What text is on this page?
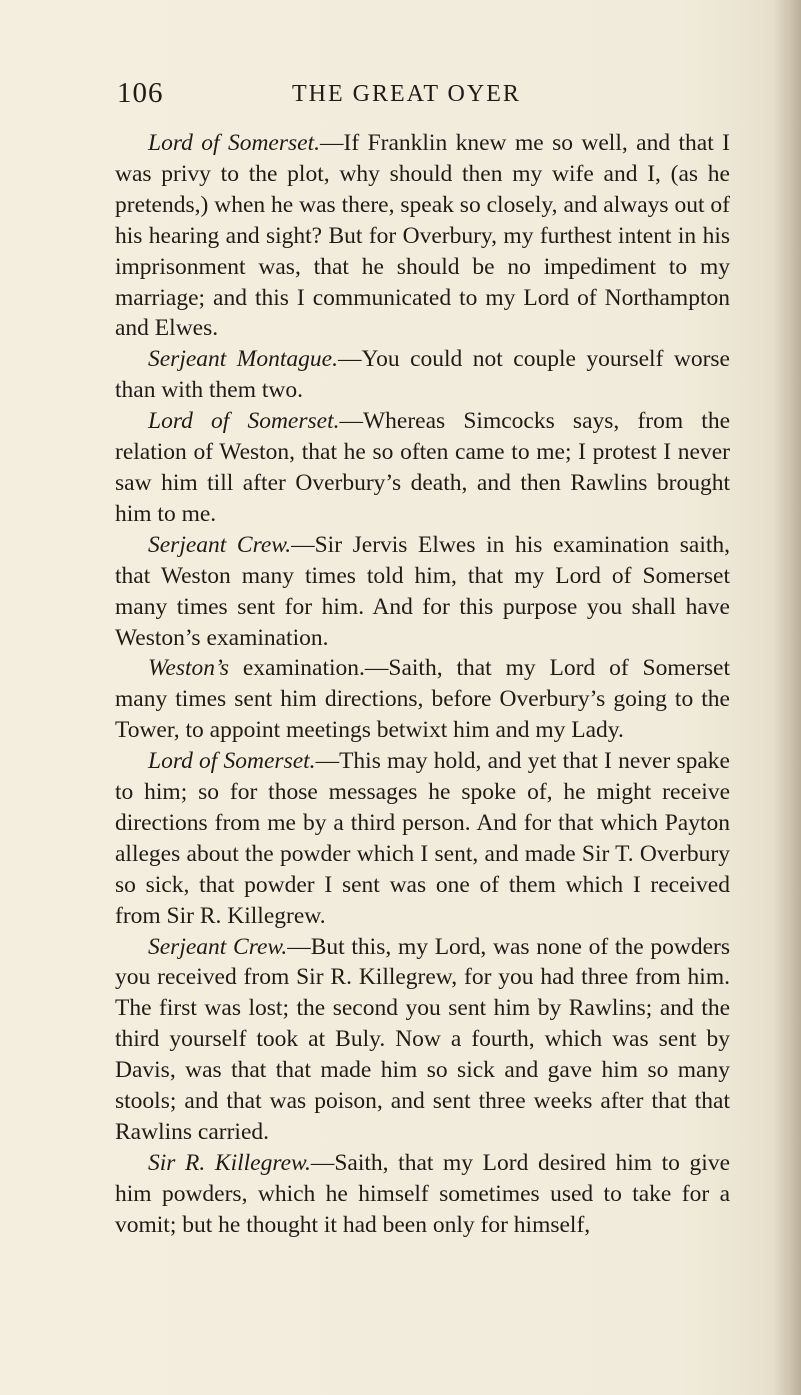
106	THE GREAT OYER

Lord of Somerset.—If Franklin knew me so well, and that I was privy to the plot, why should then my wife and I, (as he pretends,) when he was there, speak so closely, and always out of his hearing and sight? But for Overbury, my furthest intent in his imprisonment was, that he should be no impediment to my marriage; and this I communicated to my Lord of Northampton and Elwes.

Serjeant Montague.—You could not couple yourself worse than with them two.

Lord of Somerset.—Whereas Simcocks says, from the relation of Weston, that he so often came to me; I protest I never saw him till after Overbury’s death, and then Rawlins brought him to me.

Serjeant Crew.—Sir Jervis Elwes in his examination saith, that Weston many times told him, that my Lord of Somerset many times sent for him. And for this purpose you shall have Weston’s examination.

Weston’s examination.—Saith, that my Lord of Somerset many times sent him directions, before Overbury’s going to the Tower, to appoint meetings betwixt him and my Lady.

Lord of Somerset.—This may hold, and yet that I never spake to him; so for those messages he spoke of, he might receive directions from me by a third person. And for that which Payton alleges about the powder which I sent, and made Sir T. Overbury so sick, that powder I sent was one of them which I received from Sir R. Killegrew.

Serjeant Crew.—But this, my Lord, was none of the powders you received from Sir R. Killegrew, for you had three from him. The first was lost; the second you sent him by Rawlins; and the third yourself took at Buly. Now a fourth, which was sent by Davis, was that that made him so sick and gave him so many stools; and that was poison, and sent three weeks after that that Rawlins carried.

Sir R. Killegrew.—Saith, that my Lord desired him to give him powders, which he himself sometimes used to take for a vomit; but he thought it had been only for himself,
